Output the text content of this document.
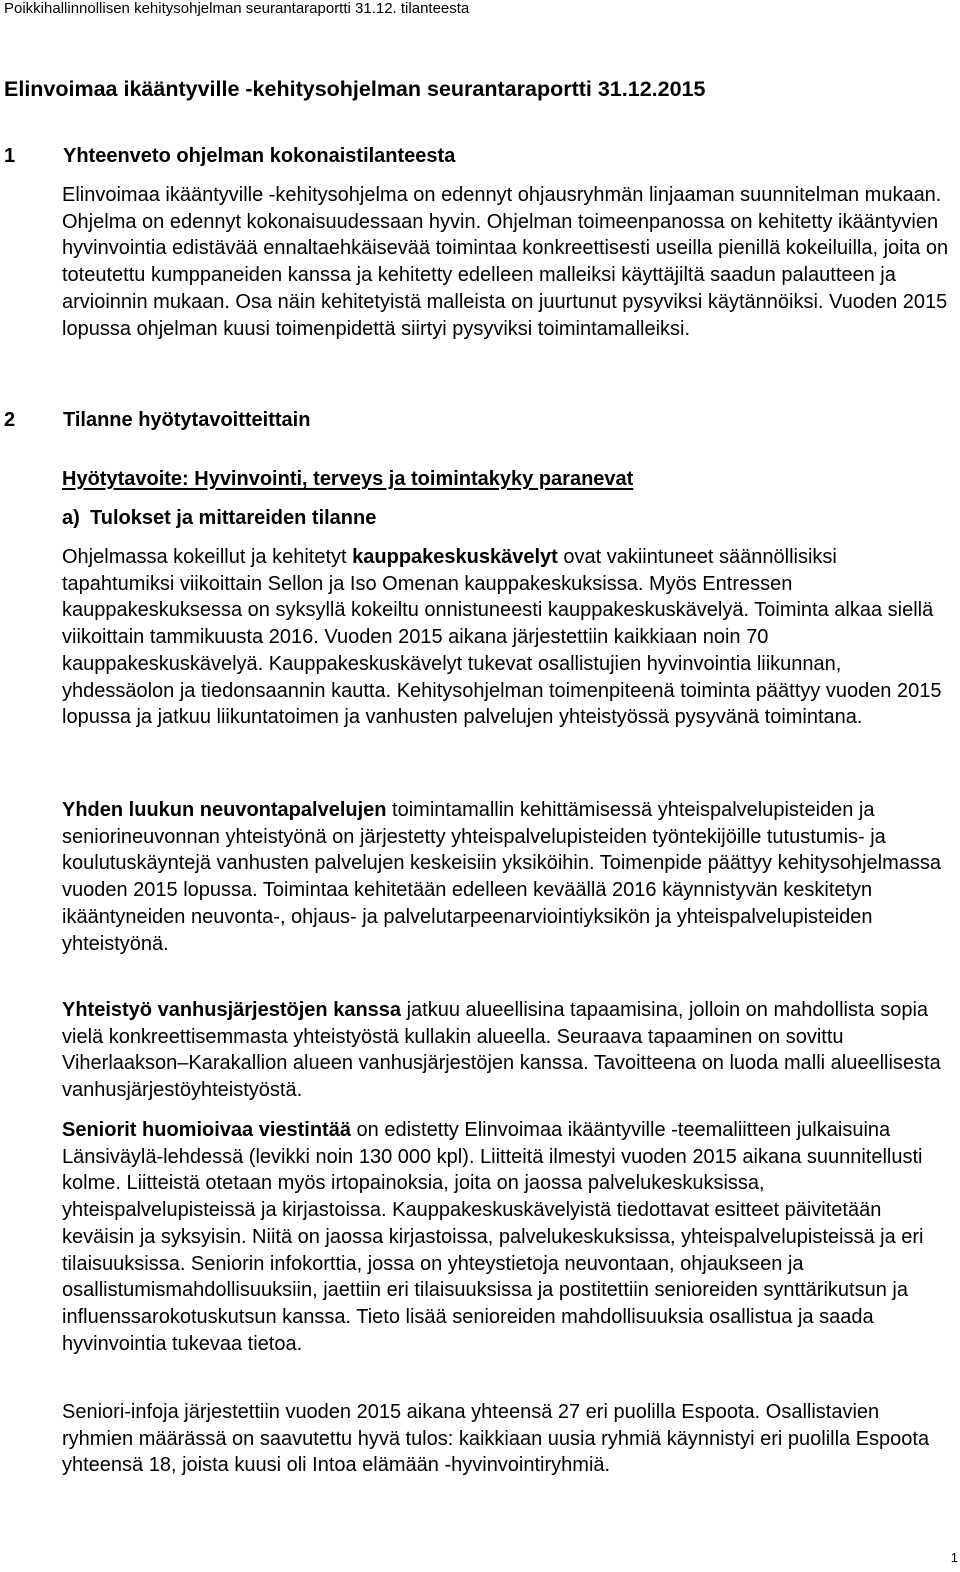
Poikkihallinnollisen kehitysohjelman seurantaraportti 31.12. tilanteesta
Elinvoimaa ikääntyville -kehitysohjelman seurantaraportti 31.12.2015
1 Yhteenveto ohjelman kokonaistilanteesta

Elinvoimaa ikääntyville -kehitysohjelma on edennyt ohjausryhmän linjaaman suunnitelman mukaan. Ohjelma on edennyt kokonaisuudessaan hyvin. Ohjelman toimeenpanossa on kehitetty ikääntyvien hyvinvointia edistävää ennaltaehkäisevää toimintaa konkreettisesti useilla pienillä kokeiluilla, joita on toteutettu kumppaneiden kanssa ja kehitetty edelleen malleiksi käyttäjiltä saadun palautteen ja arvioinnin mukaan. Osa näin kehitetyistä malleista on juurtunut pysyviksi käytännöiksi. Vuoden 2015 lopussa ohjelman kuusi toimenpidettä siirtyi pysyviksi toimintamalleiksi.

2 Tilanne hyötytavoitteittain
Hyötytavoite: Hyvinvointi, terveys ja toimintakyky paranevat
a) Tulokset ja mittareiden tilanne

Ohjelmassa kokeillut ja kehitetyt kauppakeskuskävelyt ovat vakiintuneet säännöllisiksi tapahtumiksi viikoittain Sellon ja Iso Omenan kauppakeskuksissa. Myös Entressen kauppakeskuksessa on syksyllä kokeiltu onnistuneesti kauppakeskuskävelyä. Toiminta alkaa siellä viikoittain tammikuusta 2016. Vuoden 2015 aikana järjestettiin kaikkiaan noin 70 kauppakeskuskävelyä. Kauppakeskuskävelyt tukevat osallistujien hyvinvointia liikunnan, yhdessäolon ja tiedonsaannin kautta. Kehitysohjelman toimenpiteenä toiminta päättyy vuoden 2015 lopussa ja jatkuu liikuntatoimen ja vanhusten palvelujen yhteistyössä pysyvänä toimintana.

Yhden luukun neuvontapalvelujen toimintamallin kehittämisessä yhteispalvelupisteiden ja seniorineuvonnan yhteistyönä on järjestetty yhteispalvelupisteiden työntekijöille tutustumis- ja koulutuskäyntejä vanhusten palvelujen keskeisiin yksiköihin. Toimenpide päättyy kehitysohjelmassa vuoden 2015 lopussa. Toimintaa kehitetään edelleen keväällä 2016 käynnistyvän keskitetyn ikääntyneiden neuvonta-, ohjaus- ja palvelutarpeenarviointiyksikön ja yhteispalvelupisteiden yhteistyönä.

Yhteistyö vanhusjärjestöjen kanssa jatkuu alueellisina tapaamisina, jolloin on mahdollista sopia vielä konkreettisemmasta yhteistyöstä kullakin alueella. Seuraava tapaaminen on sovittu Viherlaakson–Karakallion alueen vanhusjärjestöjen kanssa. Tavoitteena on luoda malli alueellisesta vanhusjärjestöyhteistyöstä.

Seniorit huomioivaa viestintää on edistetty Elinvoimaa ikääntyville -teemaliitteen julkaisuina Länsiväylä-lehdessä (levikki noin 130 000 kpl). Liitteitä ilmestyi vuoden 2015 aikana suunnitellusti kolme. Liitteistä otetaan myös irtopainoksia, joita on jaossa palvelukeskuksissa, yhteispalvelupisteissä ja kirjastoissa. Kauppakeskuskävelyistä tiedottavat esitteet päivitetään keväisin ja syksyisin. Niitä on jaossa kirjastoissa, palvelukeskuksissa, yhteispalvelupisteissä ja eri tilaisuuksissa. Seniorin infokorttia, jossa on yhteystietoja neuvontaan, ohjaukseen ja osallistumismahdollisuuksiin, jaettiin eri tilaisuuksissa ja postitettiin senioreiden synttärikutsun ja influenssarokotuskutsun kanssa. Tieto lisää senioreiden mahdollisuuksia osallistua ja saada hyvinvointia tukevaa tietoa.

Seniori-infoja järjestettiin vuoden 2015 aikana yhteensä 27 eri puolilla Espoota. Osallistavien ryhmien määrässä on saavutettu hyvä tulos: kaikkiaan uusia ryhmiä käynnistyi eri puolilla Espoota yhteensä 18, joista kuusi oli Intoa elämään -hyvinvointiryhmiä.

1
